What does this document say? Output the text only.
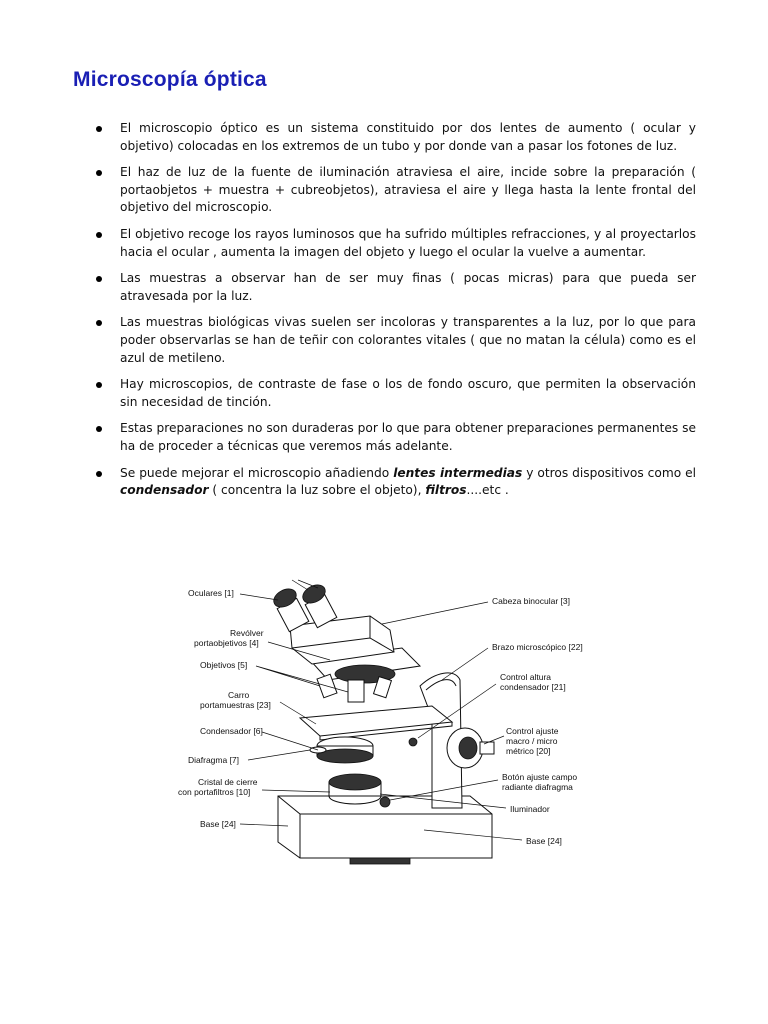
Microscopía óptica
El microscopio óptico es un sistema constituido por dos lentes de aumento ( ocular y objetivo) colocadas en los extremos de un tubo y por donde van a pasar los fotones de luz.
El haz de luz de la fuente de iluminación atraviesa el aire, incide sobre la preparación ( portaobjetos + muestra + cubreobjetos), atraviesa el aire y llega hasta la lente frontal del objetivo del microscopio.
El objetivo recoge los rayos luminosos que ha sufrido múltiples refracciones, y al proyectarlos hacia el ocular , aumenta la imagen del objeto y luego el ocular la vuelve a aumentar.
Las muestras a observar han de ser muy finas ( pocas micras) para que pueda ser atravesada por la luz.
Las muestras biológicas vivas suelen ser incoloras y transparentes a la luz, por lo que para poder observarlas se han de teñir con colorantes vitales ( que no matan la célula) como es el azul de metileno.
Hay microscopios, de contraste de fase o los de fondo oscuro, que permiten la observación sin necesidad de tinción.
Estas preparaciones no son duraderas por lo que para obtener preparaciones permanentes se ha de proceder a técnicas que veremos más adelante.
Se puede mejorar el microscopio añadiendo lentes intermedias y otros dispositivos como el condensador ( concentra la luz sobre el objeto), filtros....etc .
Oculares [1]
Revólver
portaobjetivos [4]
Objetivos [5]
Carro
portamuestras [23]
Condensador [6]
Diafragma [7]
Cristal de cierre
con portafiltros [10]
Base [24]
Cabeza binocular [3]
Brazo microscópico [22]
Control altura
condensador [21]
Control ajuste
macro / micro
métrico [20]
Botón ajuste campo
radiante diafragma
Iluminador
Base [24]
